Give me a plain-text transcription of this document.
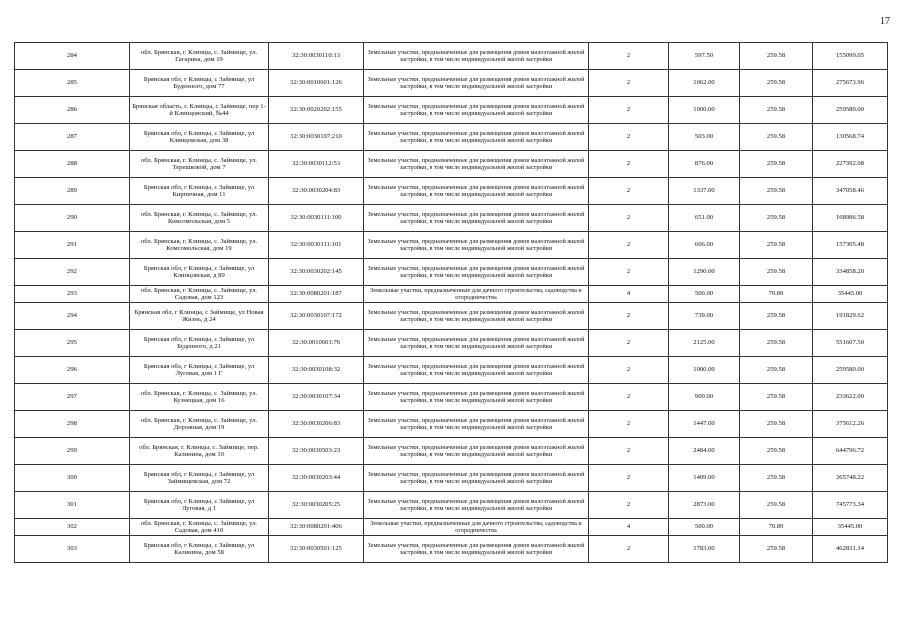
17
284	обл. Брянская, г. Клинцы, с. Займище, ул. Гагарина, дом 19	32:30:0030110:13	Земельные участки, предназначенные для размещения домов малоэтажной жилой застройки, в том числе индивидуальной жилой застройки	2	597.50	259.58	155099.05
285	Брянская обл, г Клинцы, с Займище, ул Буденного, дом 77	32:30:0010601:126	Земельные участки, предназначенные для размещения домов малоэтажной жилой застройки, в том числе индивидуальной жилой застройки	2	1062.00	259.58	275673.96
286	Брянская область, г. Клинцы, с Займище, пер 1-й Клинцовский, №44	32:30:0020202:155	Земельные участки, предназначенные для размещения домов малоэтажной жилой застройки, в том числе индивидуальной жилой застройки	2	1000.00	259.58	259580.00
287	Брянская обл, г Клинцы, с Займище, ул Клинцовская, дом 38	32:30:0030107:210	Земельные участки, предназначенные для размещения домов малоэтажной жилой застройки, в том числе индивидуальной жилой застройки	2	503.00	259.58	130568.74
288	обл. Брянская, г. Клинцы, с. Займище, ул. Терешковой, дом 7	32:30:0030112:53	Земельные участки, предназначенные для размещения домов малоэтажной жилой застройки, в том числе индивидуальной жилой застройки	2	876.00	259.58	227392.08
289	Брянская обл, г Клинцы, с Займище, ул Кирпичная, дом 11	32:30:0030204:83	Земельные участки, предназначенные для размещения домов малоэтажной жилой застройки, в том числе индивидуальной жилой застройки	2	1337.00	259.58	347058.46
290	обл. Брянская, г. Клинцы, с. Займище, ул. Комсомольская, дом 5	32:30:0030111:100	Земельные участки, предназначенные для размещения домов малоэтажной жилой застройки, в том числе индивидуальной жилой застройки	2	651.00	259.58	168986.58
291	обл. Брянская, г. Клинцы, с. Займище, ул. Комсомольская, дом 19	32:30:0030111:101	Земельные участки, предназначенные для размещения домов малоэтажной жилой застройки, в том числе индивидуальной жилой застройки	2	606.00	259.58	157305.48
292	Брянская обл, г Клинцы, с Займище, ул Клинцовская, д 89	32:30:0030202:145	Земельные участки, предназначенные для размещения домов малоэтажной жилой застройки, в том числе индивидуальной жилой застройки	2	1290.00	259.58	334858.20
293	обл. Брянская, г. Клинцы, с. Займище, ул. Садовая, дом 123	32:30:0080201:187	Земельные участки, предназначенные для дачного строительства, садоводства и огородничества	4	500.00	70.89	35445.00
294	Брянская обл, г Клинцы, с Займище, ул Новая Жизнь, д 24	32:30:0030107:172	Земельные участки, предназначенные для размещения домов малоэтажной жилой застройки, в том числе индивидуальной жилой застройки	2	739.00	259.58	191829.62
295	Брянская обл, г Клинцы, с Займище, ул Буденного, д 21	32:30:0010601:76	Земельные участки, предназначенные для размещения домов малоэтажной жилой застройки, в том числе индивидуальной жилой застройки	2	2125.00	259.58	551607.50
296	Брянская обл, г Клинцы, с Займище, ул Луговая, дом 1 Г	32:30:0030108:32	Земельные участки, предназначенные для размещения домов малоэтажной жилой застройки, в том числе индивидуальной жилой застройки	2	1000.00	259.58	259580.00
297	обл. Брянская, г. Клинцы, с. Займище, ул. Кузнецкая, дом 16	32:30:0030107:34	Земельные участки, предназначенные для размещения домов малоэтажной жилой застройки, в том числе индивидуальной жилой застройки	2	900.00	259.58	233622.00
298	обл. Брянская, г. Клинцы, с. Займище, ул. Дорожная, дом 19	32:30:0030206:83	Земельные участки, предназначенные для размещения домов малоэтажной жилой застройки, в том числе индивидуальной жилой застройки	2	1447.00	259.58	375612.26
299	обл. Брянская, г. Клинцы, с. Займище, пер. Калинина, дом 10	32:30:0030503:23	Земельные участки, предназначенные для размещения домов малоэтажной жилой застройки, в том числе индивидуальной жилой застройки	2	2484.00	259.58	644796.72
300	Брянская обл, г Клинцы, с Займище, ул Займищевская, дом 72	32:30:0030203:44	Земельные участки, предназначенные для размещения домов малоэтажной жилой застройки, в том числе индивидуальной жилой застройки	2	1409.00	259.58	365748.22
301	Брянская обл, г Клинцы, с Займище, ул Луговая, д 1	32:30:0030205:25	Земельные участки, предназначенные для размещения домов малоэтажной жилой застройки, в том числе индивидуальной жилой застройки	2	2873.00	259.58	745773.34
302	обл. Брянская, г. Клинцы, с. Займище, ул. Садовая, дом 410	32:30:0080201:406	Земельные участки, предназначенные для дачного строительства, садоводства и огородничества	4	500.00	70.89	35445.00
303	Брянская обл, г Клинцы, с Займище, ул Калинина, дом 58	32:30:0030501:125	Земельные участки, предназначенные для размещения домов малоэтажной жилой застройки, в том числе индивидуальной жилой застройки	2	1783.00	259.58	462831.14
